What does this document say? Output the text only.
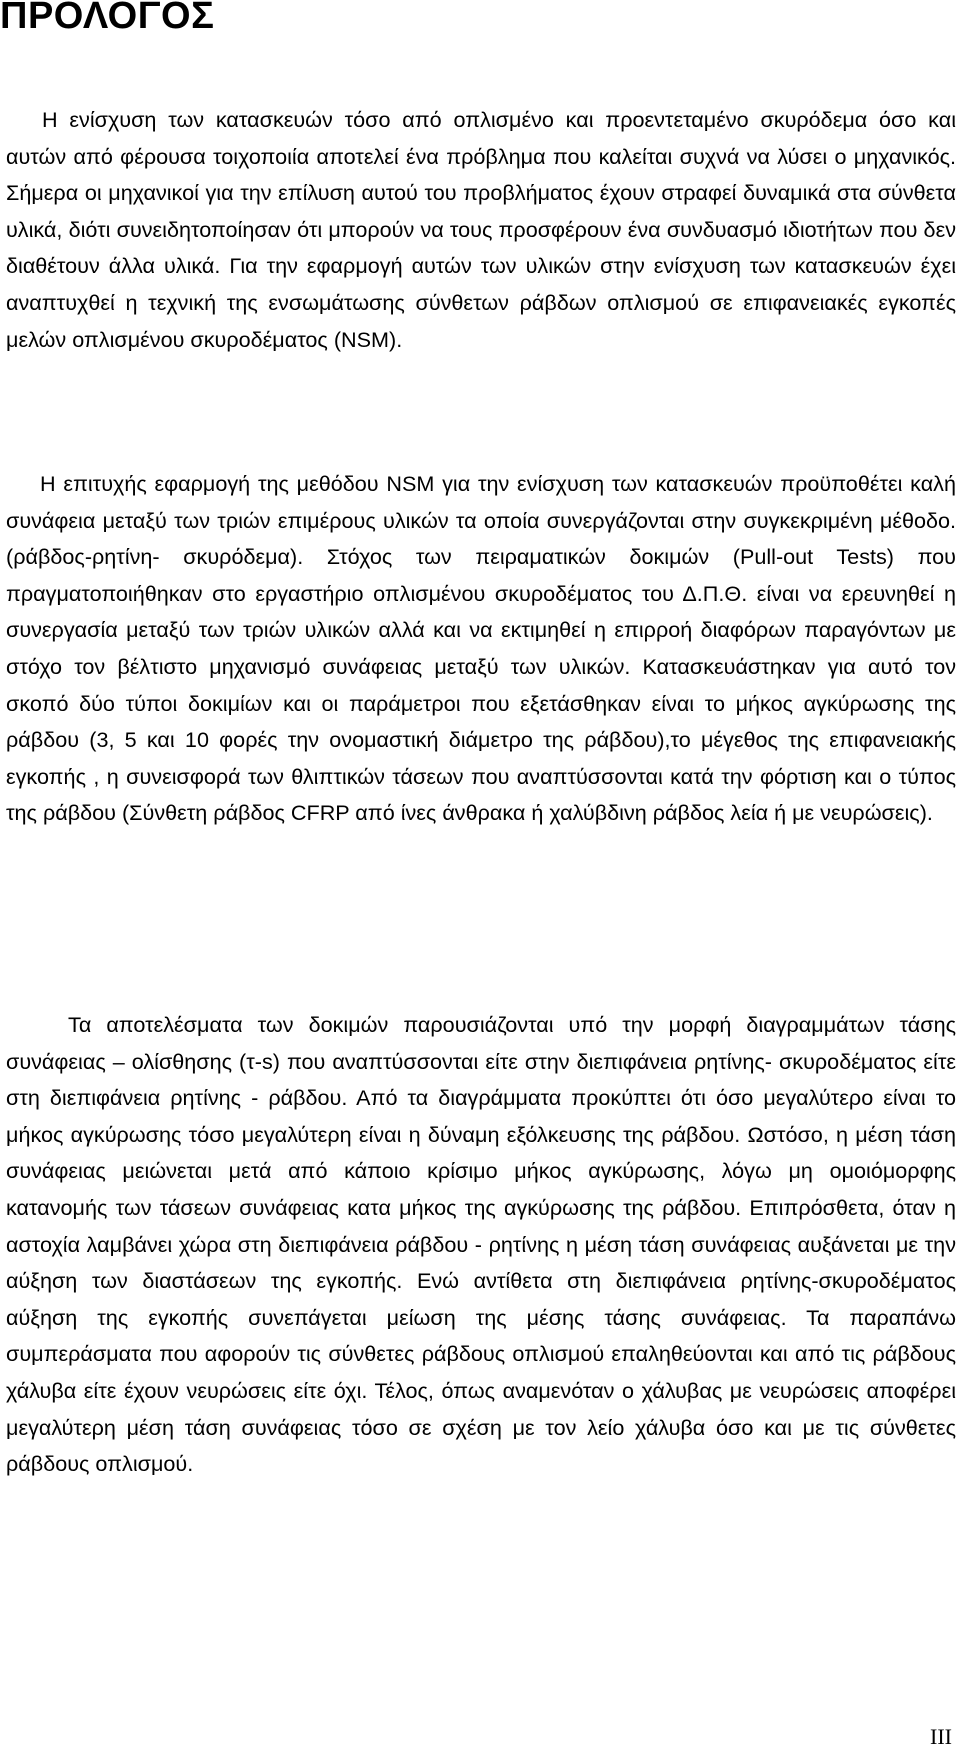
ΠΡΟΛΟΓΟΣ

Η ενίσχυση των κατασκευών τόσο από οπλισμένο και προεντεταμένο σκυρόδεμα όσο και αυτών από φέρουσα τοιχοποιία αποτελεί ένα πρόβλημα που καλείται συχνά να λύσει ο μηχανικός. Σήμερα οι μηχανικοί για την επίλυση αυτού του προβλήματος έχουν στραφεί δυναμικά στα σύνθετα υλικά, διότι συνειδητοποίησαν ότι μπορούν να τους προσφέρουν ένα συνδυασμό ιδιοτήτων που δεν διαθέτουν άλλα υλικά. Για την εφαρμογή αυτών των υλικών στην ενίσχυση των κατασκευών έχει αναπτυχθεί η τεχνική της ενσωμάτωσης σύνθετων ράβδων οπλισμού σε επιφανειακές εγκοπές μελών οπλισμένου σκυροδέματος (NSM).

Η επιτυχής εφαρμογή της μεθόδου NSM για την ενίσχυση των κατασκευών προϋποθέτει καλή συνάφεια μεταξύ των τριών επιμέρους υλικών τα οποία συνεργάζονται στην συγκεκριμένη μέθοδο.(ράβδος-ρητίνη- σκυρόδεμα). Στόχος των πειραματικών δοκιμών (Pull-out Tests) που πραγματοποιήθηκαν στο εργαστήριο οπλισμένου σκυροδέματος του Δ.Π.Θ. είναι να ερευνηθεί η συνεργασία μεταξύ των τριών υλικών αλλά και να εκτιμηθεί η επιρροή διαφόρων παραγόντων με στόχο τον βέλτιστο μηχανισμό συνάφειας μεταξύ των υλικών. Κατασκευάστηκαν για αυτό τον σκοπό δύο τύποι δοκιμίων και οι παράμετροι που εξετάσθηκαν είναι το μήκος αγκύρωσης της ράβδου (3, 5 και 10 φορές την ονομαστική διάμετρο της ράβδου),το μέγεθος της επιφανειακής εγκοπής , η συνεισφορά των θλιπτικών τάσεων που αναπτύσσονται κατά την φόρτιση και ο τύπος της ράβδου (Σύνθετη ράβδος CFRP από ίνες άνθρακα ή χαλύβδινη ράβδος λεία ή με νευρώσεις).

Τα αποτελέσματα των δοκιμών παρουσιάζονται υπό την μορφή διαγραμμάτων τάσης συνάφειας – ολίσθησης (τ-s) που αναπτύσσονται είτε στην διεπιφάνεια ρητίνης- σκυροδέματος είτε στη διεπιφάνεια ρητίνης - ράβδου. Από τα διαγράμματα προκύπτει ότι όσο μεγαλύτερο είναι το μήκος αγκύρωσης τόσο μεγαλύτερη είναι η δύναμη εξόλκευσης της ράβδου. Ωστόσο, η μέση τάση συνάφειας μειώνεται μετά από κάποιο κρίσιμο μήκος αγκύρωσης, λόγω μη ομοιόμορφης κατανομής των τάσεων συνάφειας κατα μήκος της αγκύρωσης της ράβδου. Επιπρόσθετα, όταν η αστοχία λαμβάνει χώρα στη διεπιφάνεια ράβδου - ρητίνης η μέση τάση συνάφειας αυξάνεται με την αύξηση των διαστάσεων της εγκοπής. Ενώ αντίθετα στη διεπιφάνεια ρητίνης-σκυροδέματος αύξηση της εγκοπής συνεπάγεται μείωση της μέσης τάσης συνάφειας. Τα παραπάνω συμπεράσματα που αφορούν τις σύνθετες ράβδους οπλισμού επαληθεύονται και από τις ράβδους χάλυβα είτε έχουν νευρώσεις είτε όχι. Τέλος, όπως αναμενόταν ο χάλυβας με νευρώσεις αποφέρει μεγαλύτερη μέση τάση συνάφειας τόσο σε σχέση με τον λείο χάλυβα όσο και με τις σύνθετες ράβδους οπλισμού.

III
